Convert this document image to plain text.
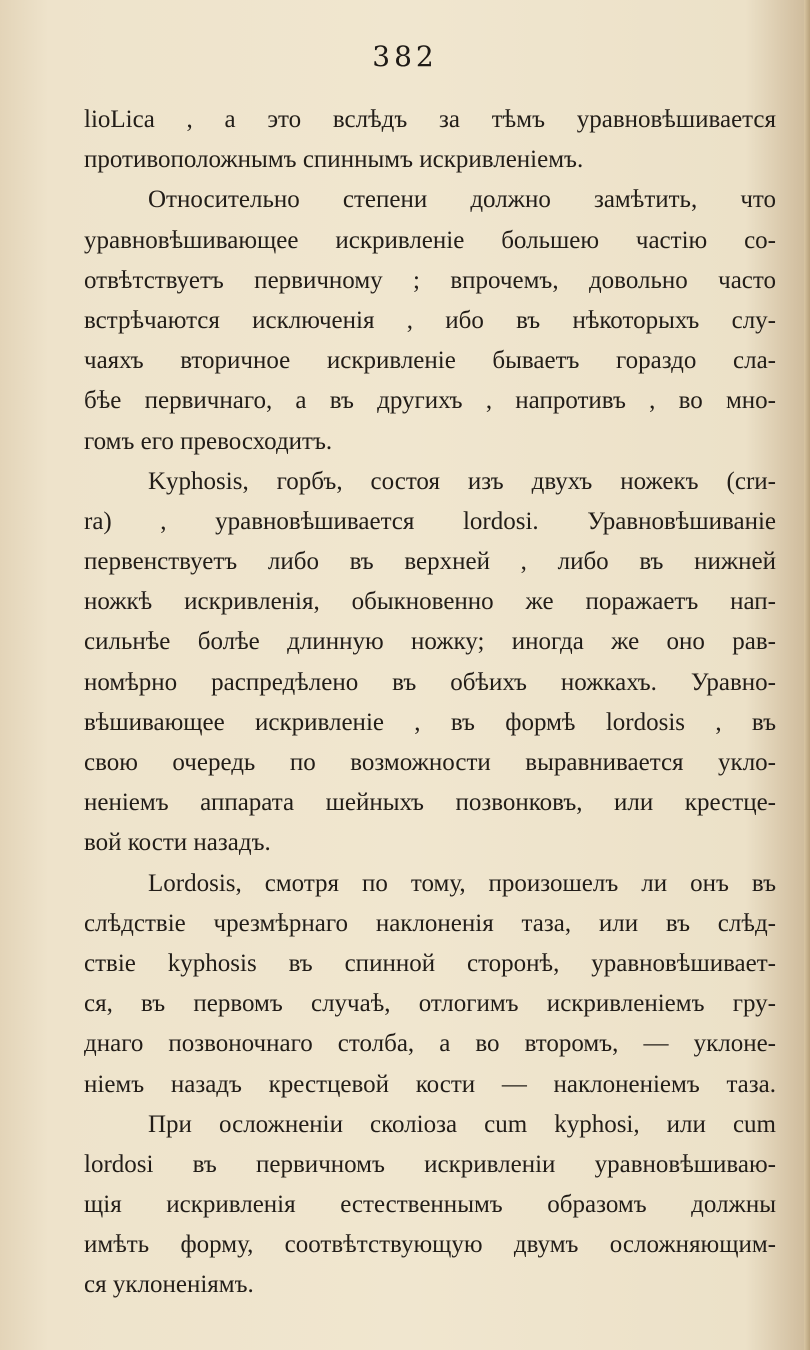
382
lioLica , а это вслѣдъ за тѣмъ уравновѣшивается
противоположнымъ спиннымъ искривленіемъ.
Относительно степени должно замѣтить, что
уравновѣшивающее искривленіе большею частію со-
отвѣтствуетъ первичному ; впрочемъ, довольно часто
встрѣчаются исключенія , ибо въ нѣкоторыхъ слу-
чаяхъ вторичное искривленіе бываетъ гораздо сла-
бѣе первичнаго, а въ другихъ , напротивъ , во мно-
гомъ его превосходитъ.
Kyphosis, горбъ, состоя изъ двухъ ножекъ (сrи-
ra) , уравновѣшивается lordosi. Уравновѣшиваніе
первенствуетъ либо въ верхней , либо въ нижней
ножкѣ искривленія, обыкновенно же поражаетъ нап-
сильнѣе болѣе длинную ножку; иногда же оно рав-
номѣрно распредѣлено въ обѣихъ ножкахъ. Уравно-
вѣшивающее искривленіе , въ формѣ lordosis , въ
свою очередь по возможности выравнивается укло-
неніемъ аппарата шейныхъ позвонковъ, или крестце-
вой кости назадъ.
Lordosis, смотря по тому, произошелъ ли онъ въ
слѣдствіе чрезмѣрнаго наклоненія таза, или въ слѣд-
ствіе kyphosis въ спинной сторонѣ, уравновѣшивает-
ся, въ первомъ случаѣ, отлогимъ искривленіемъ гру-
днаго позвоночнаго столба, а во второмъ, — уклоне-
ніемъ назадъ крестцевой кости — наклоненіемъ таза.
При осложненіи сколіоза cum kyphosi, или cum
lordosi въ первичномъ искривленіи уравновѣшиваю-
щія искривленія естественнымъ образомъ должны
имѣть форму, соотвѣтствующую двумъ осложняющим-
ся уклоненіямъ.
